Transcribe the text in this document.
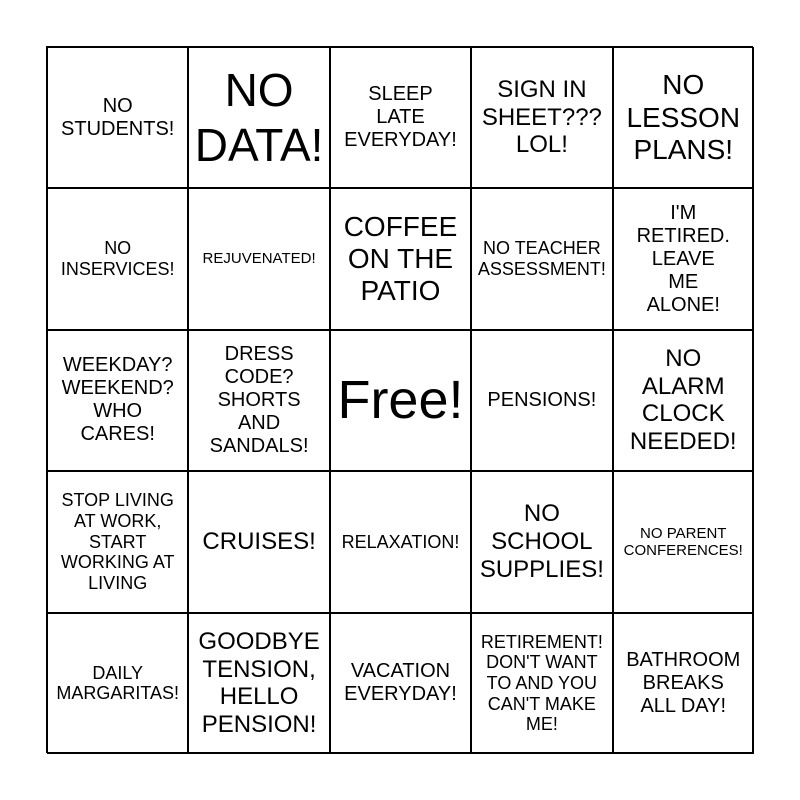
NO
STUDENTS!
NO
DATA!
SLEEP
LATE
EVERYDAY!
SIGN IN
SHEET???
LOL!
NO
LESSON
PLANS!
NO
INSERVICES!
REJUVENATED!
COFFEE
ON THE
PATIO
NO TEACHER
ASSESSMENT!
I'M
RETIRED.
LEAVE
ME
ALONE!
WEEKDAY?
WEEKEND?
WHO
CARES!
DRESS
CODE?
SHORTS
AND
SANDALS!
Free!	PENSIONS!
NO
ALARM
CLOCK
NEEDED!
STOP LIVING
AT WORK,
START
WORKING AT
LIVING
CRUISES!	RELAXATION!
NO
SCHOOL
SUPPLIES!
NO PARENT
CONFERENCES!
DAILY
MARGARITAS!
GOODBYE
TENSION,
HELLO
PENSION!
VACATION
EVERYDAY!
RETIREMENT!
DON'T WANT
TO AND YOU
CAN'T MAKE
ME!
BATHROOM
BREAKS
ALL DAY!
